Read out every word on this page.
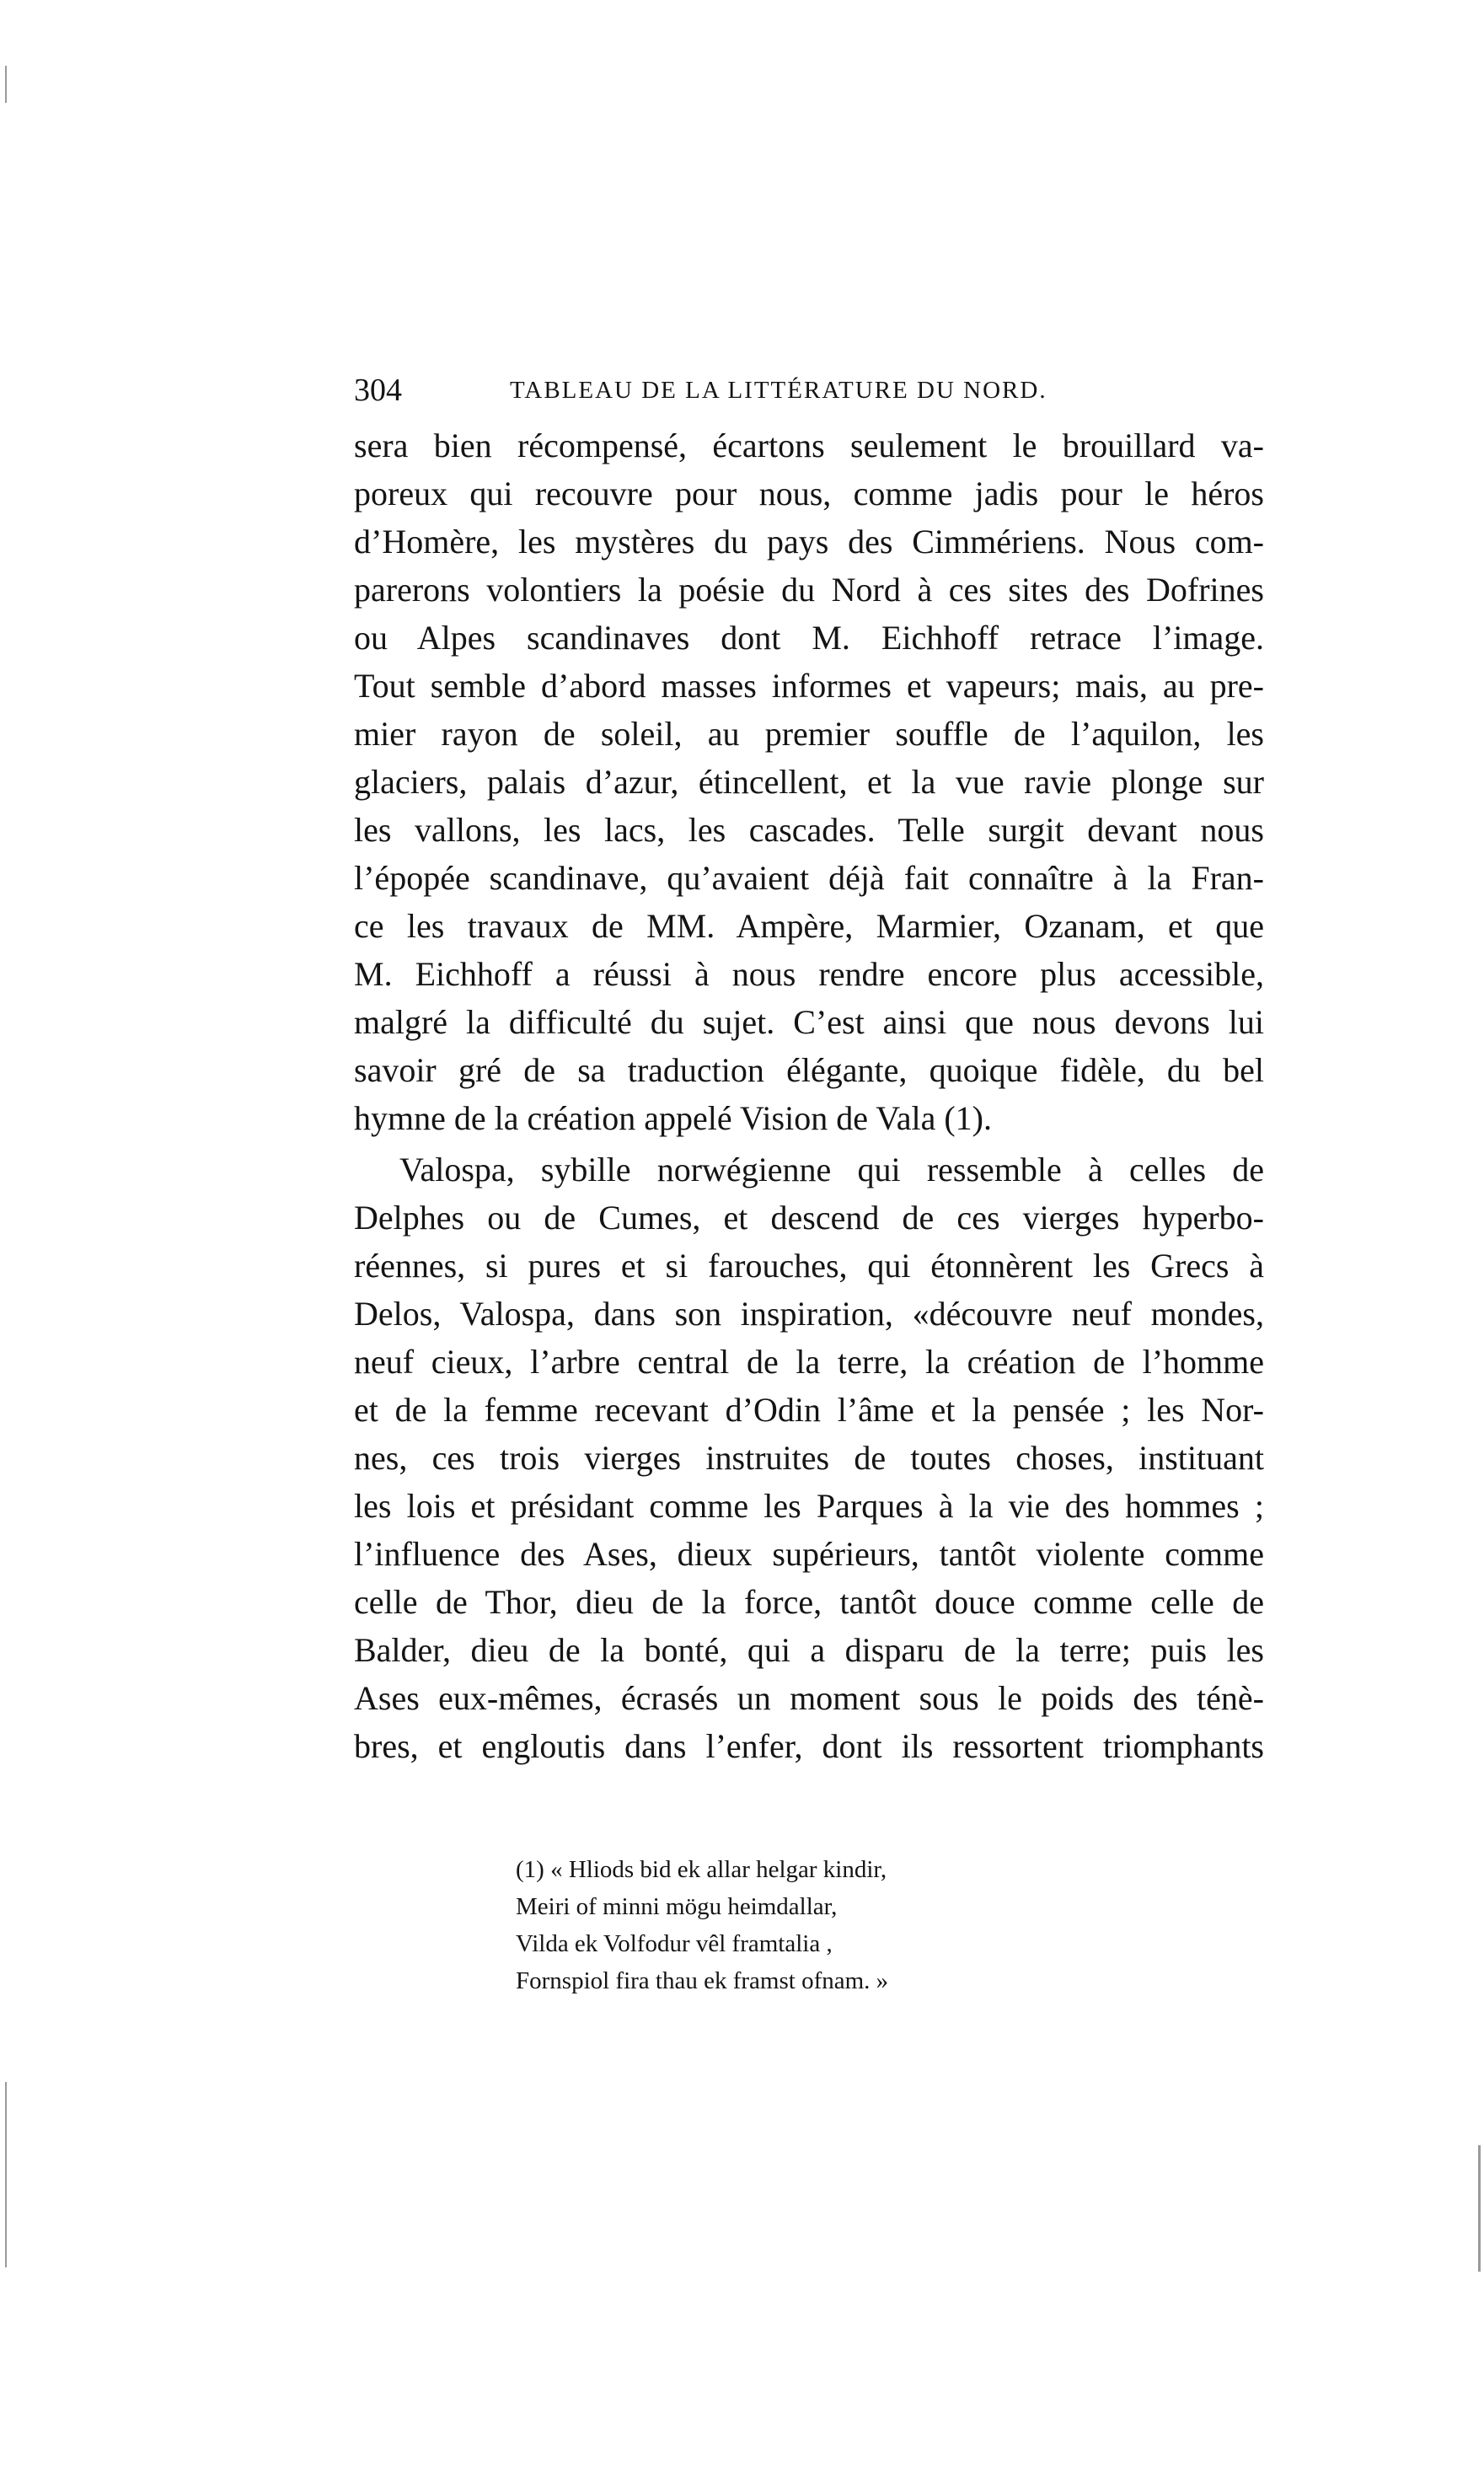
304	TABLEAU DE LA LITTÉRATURE DU NORD.

sera bien récompensé, écartons seulement le brouillard va-
poreux qui recouvre pour nous, comme jadis pour le héros
d’Homère, les mystères du pays des Cimmériens. Nous com-
parerons volontiers la poésie du Nord à ces sites des Dofrines
ou Alpes scandinaves dont M. Eichhoff retrace l’image.
Tout semble d’abord masses informes et vapeurs; mais, au pre-
mier rayon de soleil, au premier souffle de l’aquilon, les
glaciers, palais d’azur, étincellent, et la vue ravie plonge sur
les vallons, les lacs, les cascades. Telle surgit devant nous
l’épopée scandinave, qu’avaient déjà fait connaître à la Fran-
ce les travaux de MM. Ampère, Marmier, Ozanam, et que
M. Eichhoff a réussi à nous rendre encore plus accessible,
malgré la difficulté du sujet. C’est ainsi que nous devons lui
savoir gré de sa traduction élégante, quoique fidèle, du bel
hymne de la création appelé Vision de Vala (1).

Valospa, sybille norwégienne qui ressemble à celles de
Delphes ou de Cumes, et descend de ces vierges hyperbo-
réennes, si pures et si farouches, qui étonnèrent les Grecs à
Delos, Valospa, dans son inspiration, «découvre neuf mondes,
neuf cieux, l’arbre central de la terre, la création de l’homme
et de la femme recevant d’Odin l’âme et la pensée ; les Nor-
nes, ces trois vierges instruites de toutes choses, instituant
les lois et présidant comme les Parques à la vie des hommes ;
l’influence des Ases, dieux supérieurs, tantôt violente comme
celle de Thor, dieu de la force, tantôt douce comme celle de
Balder, dieu de la bonté, qui a disparu de la terre; puis les
Ases eux-mêmes, écrasés un moment sous le poids des ténè-
bres, et engloutis dans l’enfer, dont ils ressortent triomphants

(1) « Hliods bid ek allar helgar kindir,
Meiri of minni mögu heimdallar,
Vilda ek Volfodur vêl framtalia ,
Fornspiol fira thau ek framst ofnam. »
